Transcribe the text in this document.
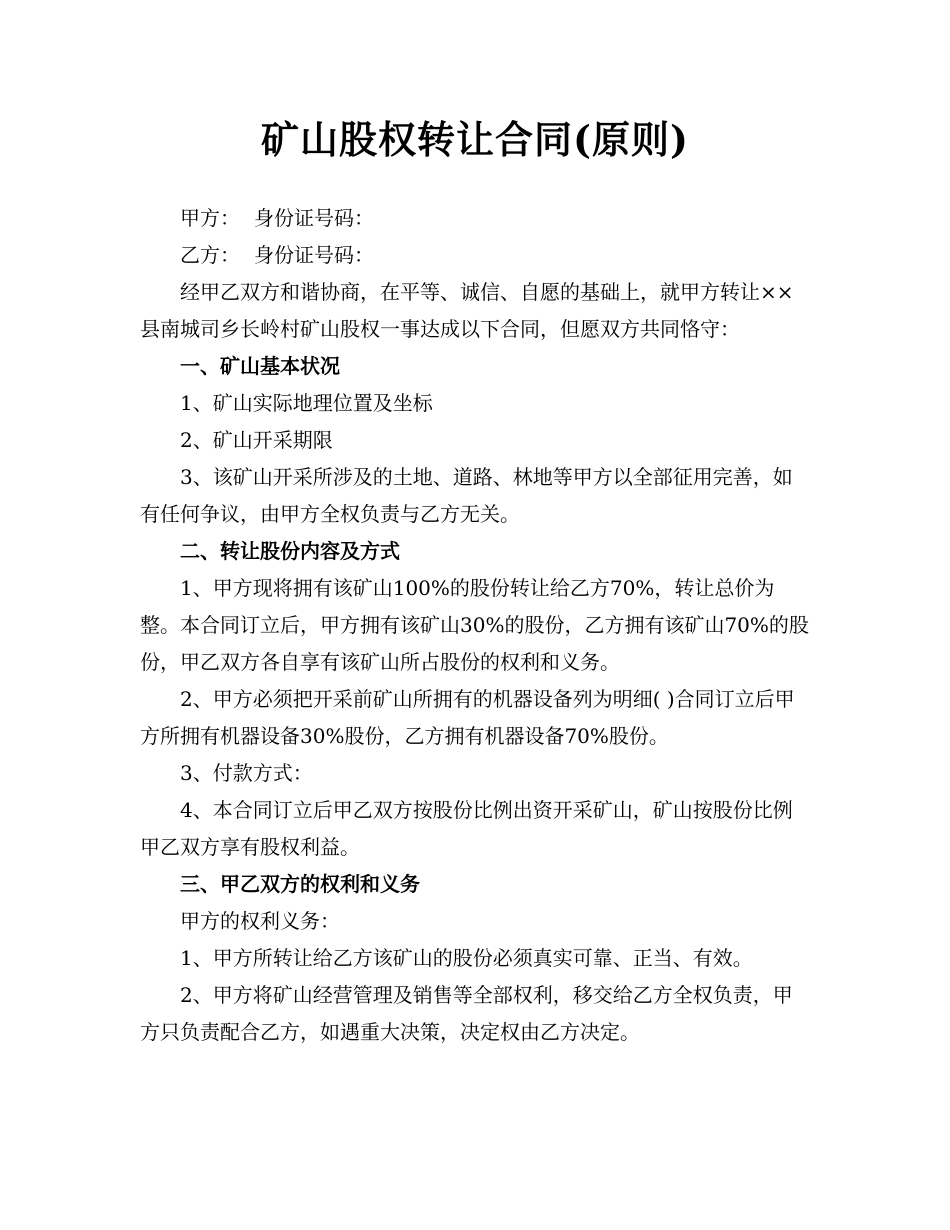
矿山股权转让合同(原则)

甲方： 身份证号码：

乙方： 身份证号码：

经甲乙双方和谐协商，在平等、诚信、自愿的基础上，就甲方转让××县南城司乡长岭村矿山股权一事达成以下合同，但愿双方共同恪守：

一、矿山基本状况

1、矿山实际地理位置及坐标

2、矿山开采期限

3、该矿山开采所涉及的土地、道路、林地等甲方以全部征用完善，如有任何争议，由甲方全权负责与乙方无关。

二、转让股份内容及方式

1、甲方现将拥有该矿山100%的股份转让给乙方70%，转让总价为整。本合同订立后，甲方拥有该矿山30%的股份，乙方拥有该矿山70%的股份，甲乙双方各自享有该矿山所占股份的权利和义务。

2、甲方必须把开采前矿山所拥有的机器设备列为明细( )合同订立后甲方所拥有机器设备30%股份，乙方拥有机器设备70%股份。

3、付款方式：

4、本合同订立后甲乙双方按股份比例出资开采矿山，矿山按股份比例甲乙双方享有股权利益。

三、甲乙双方的权利和义务

甲方的权利义务：

1、甲方所转让给乙方该矿山的股份必须真实可靠、正当、有效。

2、甲方将矿山经营管理及销售等全部权利，移交给乙方全权负责，甲方只负责配合乙方，如遇重大决策，决定权由乙方决定。
